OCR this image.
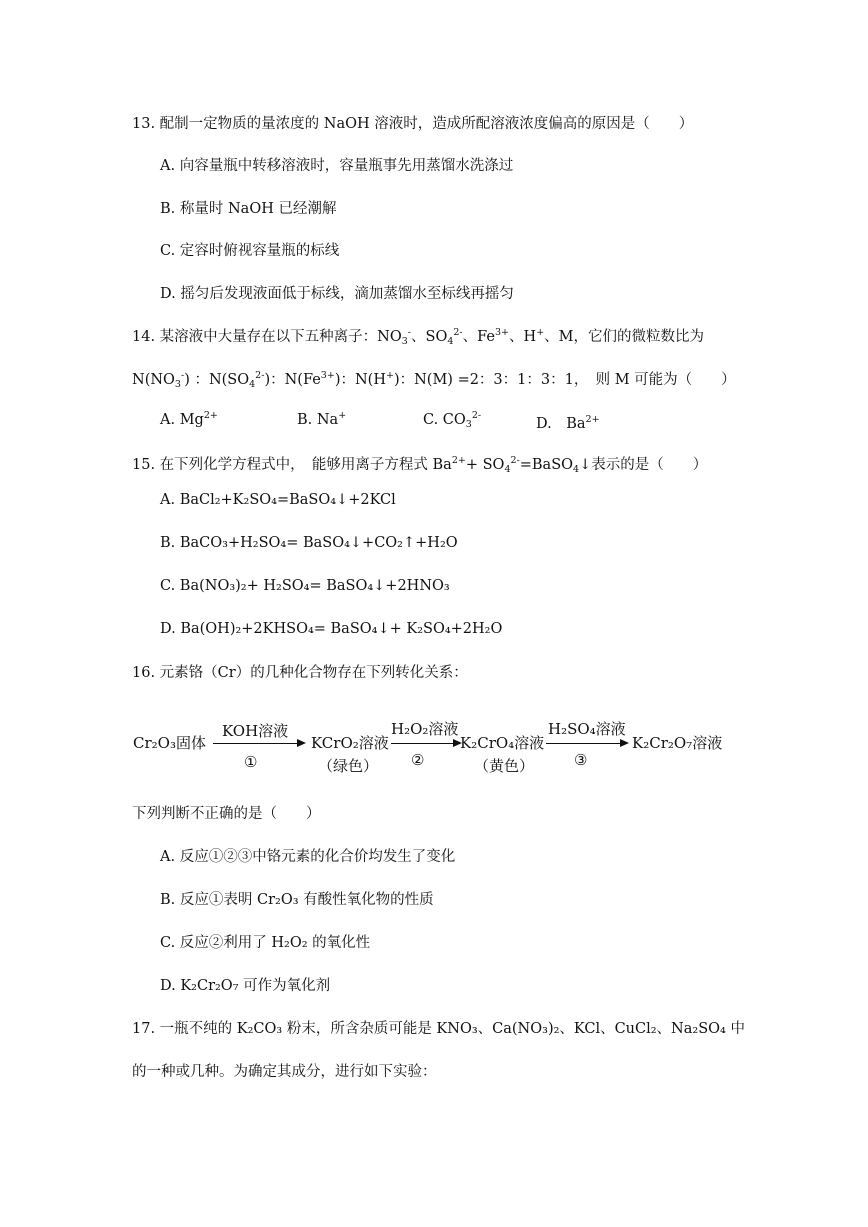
13. 配制一定物质的量浓度的 NaOH 溶液时，造成所配溶液浓度偏高的原因是（　　）
A. 向容量瓶中转移溶液时，容量瓶事先用蒸馏水洗涤过
B. 称量时 NaOH 已经潮解
C. 定容时俯视容量瓶的标线
D. 摇匀后发现液面低于标线，滴加蒸馏水至标线再摇匀
14. 某溶液中大量存在以下五种离子：$NO_3^-$、$SO_4^{2-}$、$Fe^{3+}$、H+、M，它们的微粒数比为
$N(NO_3^-)$ ：$N(SO_4^{2-})$：$N(Fe^{3+})$：N(H+)：N(M) =2：3：1：3：1，　则 M 可能为（　　）
A. $Mg^{2+}$	B. Na+	C. $CO_3^{2-}$
D.　$Ba^{2+}$
15. 在下列化学方程式中，　能够用离子方程式 $Ba^{2+}+$ $SO_4^{2-}=BaSO_4↓$表示的是（　　）
A. BaCl₂+K₂SO₄=BaSO₄↓+2KCl
B. BaCO₃+H₂SO₄= BaSO₄↓+CO₂↑+H₂O
C. Ba(NO₃)₂+ H₂SO₄= BaSO₄↓+2HNO₃
D. Ba(OH)₂+2KHSO₄= BaSO₄↓+ K₂SO₄+2H₂O
16. 元素铬（Cr）的几种化合物存在下列转化关系：
Cr₂O₃固体
KOH溶液
①
KCrO₂溶液
（绿色）
H₂O₂溶液
②
K₂CrO₄溶液
（黄色）
H₂SO₄溶液
③
K₂Cr₂O₇溶液
下列判断不正确的是（　　）
A. 反应①②③中铬元素的化合价均发生了变化
B. 反应①表明 Cr₂O₃ 有酸性氧化物的性质
C. 反应②利用了 H₂O₂ 的氧化性
D. K₂Cr₂O₇ 可作为氧化剂
17. 一瓶不纯的 K₂CO₃ 粉末，所含杂质可能是 KNO₃、Ca(NO₃)₂、KCl、CuCl₂、Na₂SO₄ 中
的一种或几种。为确定其成分，进行如下实验：
